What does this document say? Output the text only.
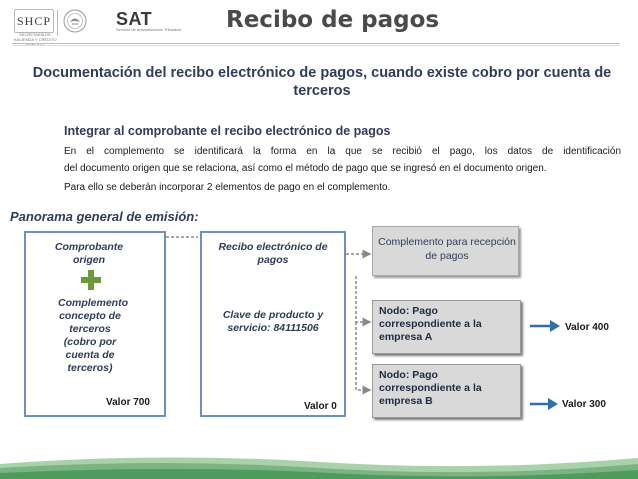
SHCP
SECRETARÍA DE HACIENDA Y CRÉDITO
SAT
Servicio de Administración Tributaria Recibo de pagos
Documentación del recibo electrónico de pagos, cuando existe cobro por cuenta de terceros
Integrar al comprobante el recibo electrónico de pagos
En el complemento se identificará la forma en la que se recibió el pago, los datos de identificación
del documento origen que se relaciona, así como el método de pago que se ingresó en el documento origen.
Para ello se deberán incorporar 2 elementos de pago en el complemento.
Panorama general de emisión:
Comprobante origen
Complemento concepto de terceros (cobro por cuenta de terceros)
Valor 700
Recibo electrónico de pagos
Clave de producto y servicio: 84111506
Valor 0
Complemento para recepción de pagos
Nodo: Pago correspondiente a la empresa A
Nodo: Pago correspondiente a la empresa B
Valor 400
Valor 300
